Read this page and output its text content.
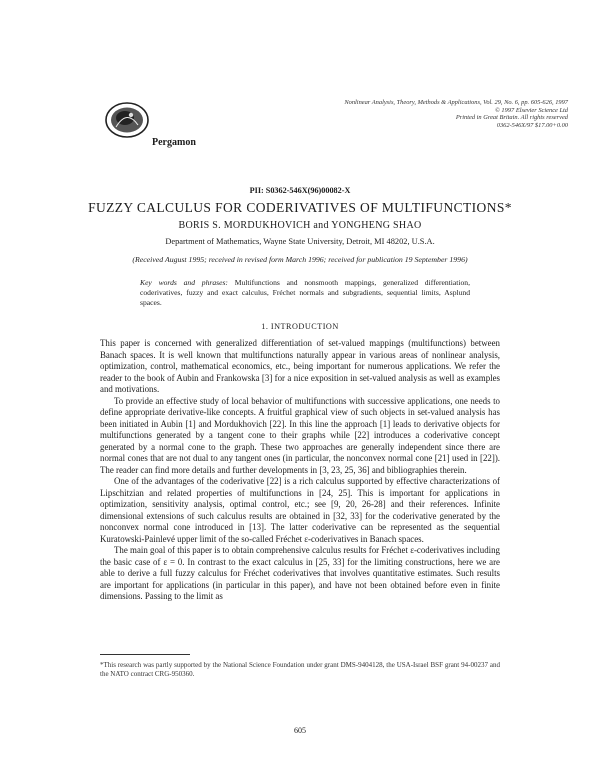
Pergamon
Nonlinear Analysis, Theory, Methods & Applications, Vol. 29, No. 6, pp. 605-626, 1997
© 1997 Elsevier Science Ltd
Printed in Great Britain. All rights reserved
0362-546X/97 $17.00+0.00
PII: S0362-546X(96)00082-X
FUZZY CALCULUS FOR CODERIVATIVES OF MULTIFUNCTIONS*
BORIS S. MORDUKHOVICH and YONGHENG SHAO
Department of Mathematics, Wayne State University, Detroit, MI 48202, U.S.A.
(Received August 1995; received in revised form March 1996; received for publication 19 September 1996)
Key words and phrases: Multifunctions and nonsmooth mappings, generalized differentiation, coderivatives, fuzzy and exact calculus, Fréchet normals and subgradients, sequential limits, Asplund spaces.
1. INTRODUCTION

This paper is concerned with generalized differentiation of set-valued mappings (multifunctions) between Banach spaces. It is well known that multifunctions naturally appear in various areas of nonlinear analysis, optimization, control, mathematical economics, etc., being important for numerous applications. We refer the reader to the book of Aubin and Frankowska [3] for a nice exposition in set-valued analysis as well as examples and motivations.

To provide an effective study of local behavior of multifunctions with successive applications, one needs to define appropriate derivative-like concepts. A fruitful graphical view of such objects in set-valued analysis has been initiated in Aubin [1] and Mordukhovich [22]. In this line the approach [1] leads to derivative objects for multifunctions generated by a tangent cone to their graphs while [22] introduces a coderivative concept generated by a normal cone to the graph. These two approaches are generally independent since there are normal cones that are not dual to any tangent ones (in particular, the nonconvex normal cone [21] used in [22]). The reader can find more details and further developments in [3, 23, 25, 36] and bibliographies therein.

One of the advantages of the coderivative [22] is a rich calculus supported by effective characterizations of Lipschitzian and related properties of multifunctions in [24, 25]. This is important for applications in optimization, sensitivity analysis, optimal control, etc.; see [9, 20, 26-28] and their references. Infinite dimensional extensions of such calculus results are obtained in [32, 33] for the coderivative generated by the nonconvex normal cone introduced in [13]. The latter coderivative can be represented as the sequential Kuratowski-Painlevé upper limit of the so-called Fréchet ε-coderivatives in Banach spaces.

The main goal of this paper is to obtain comprehensive calculus results for Fréchet ε-coderivatives including the basic case of ε = 0. In contrast to the exact calculus in [25, 33] for the limiting constructions, here we are able to derive a full fuzzy calculus for Fréchet coderivatives that involves quantitative estimates. Such results are important for applications (in particular in this paper), and have not been obtained before even in finite dimensions. Passing to the limit as

*This research was partly supported by the National Science Foundation under grant DMS-9404128, the USA-Israel BSF grant 94-00237 and the NATO contract CRG-950360.
605
